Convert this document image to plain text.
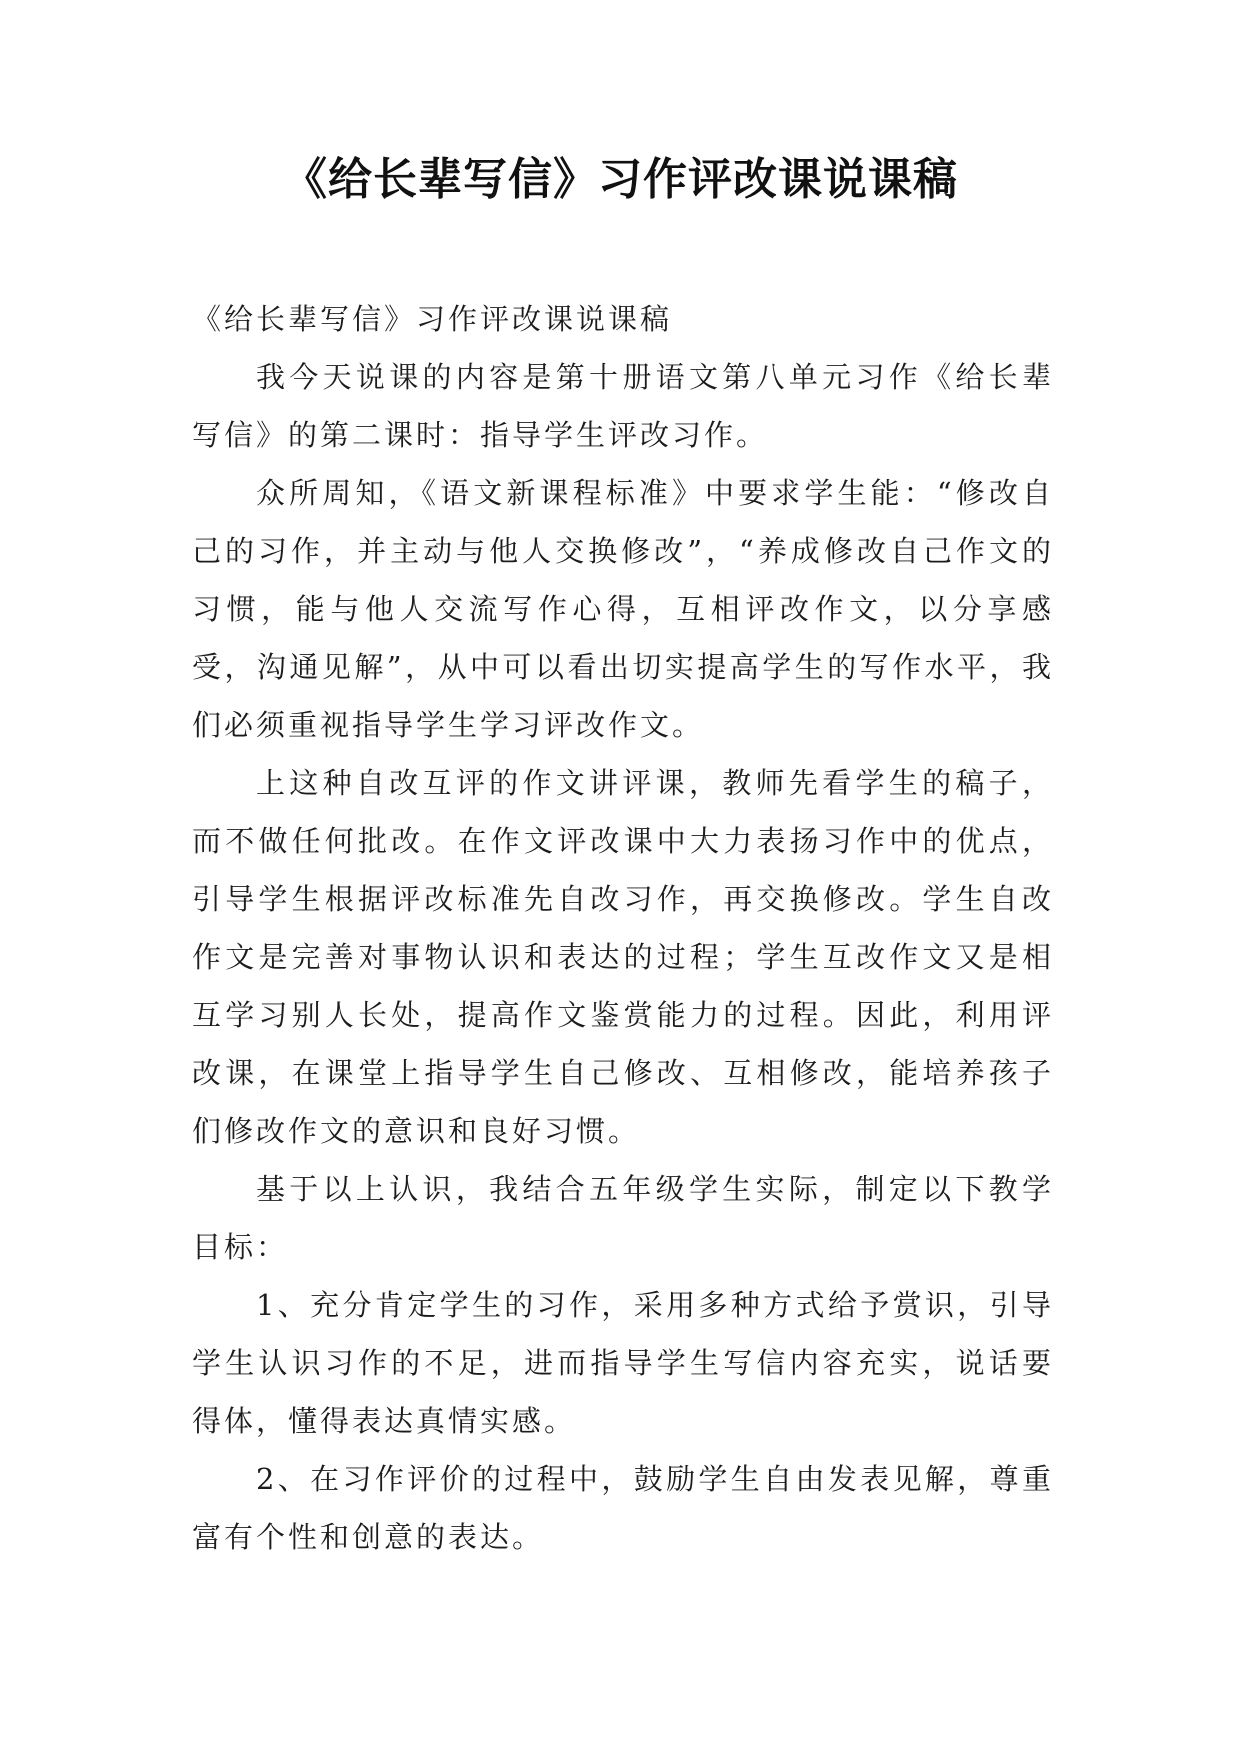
《给长辈写信》习作评改课说课稿

《给长辈写信》习作评改课说课稿

我今天说课的内容是第十册语文第八单元习作《给长辈写信》的第二课时：指导学生评改习作。

众所周知，《语文新课程标准》中要求学生能：“修改自己的习作，并主动与他人交换修改”，“养成修改自己作文的习惯，能与他人交流写作心得，互相评改作文，以分享感受，沟通见解”，从中可以看出切实提高学生的写作水平，我们必须重视指导学生学习评改作文。

上这种自改互评的作文讲评课，教师先看学生的稿子，而不做任何批改。在作文评改课中大力表扬习作中的优点，引导学生根据评改标准先自改习作，再交换修改。学生自改作文是完善对事物认识和表达的过程；学生互改作文又是相互学习别人长处，提高作文鉴赏能力的过程。因此，利用评改课，在课堂上指导学生自己修改、互相修改，能培养孩子们修改作文的意识和良好习惯。

基于以上认识，我结合五年级学生实际，制定以下教学目标：

1、充分肯定学生的习作，采用多种方式给予赏识，引导学生认识习作的不足，进而指导学生写信内容充实，说话要得体，懂得表达真情实感。

2、在习作评价的过程中，鼓励学生自由发表见解，尊重富有个性和创意的表达。
